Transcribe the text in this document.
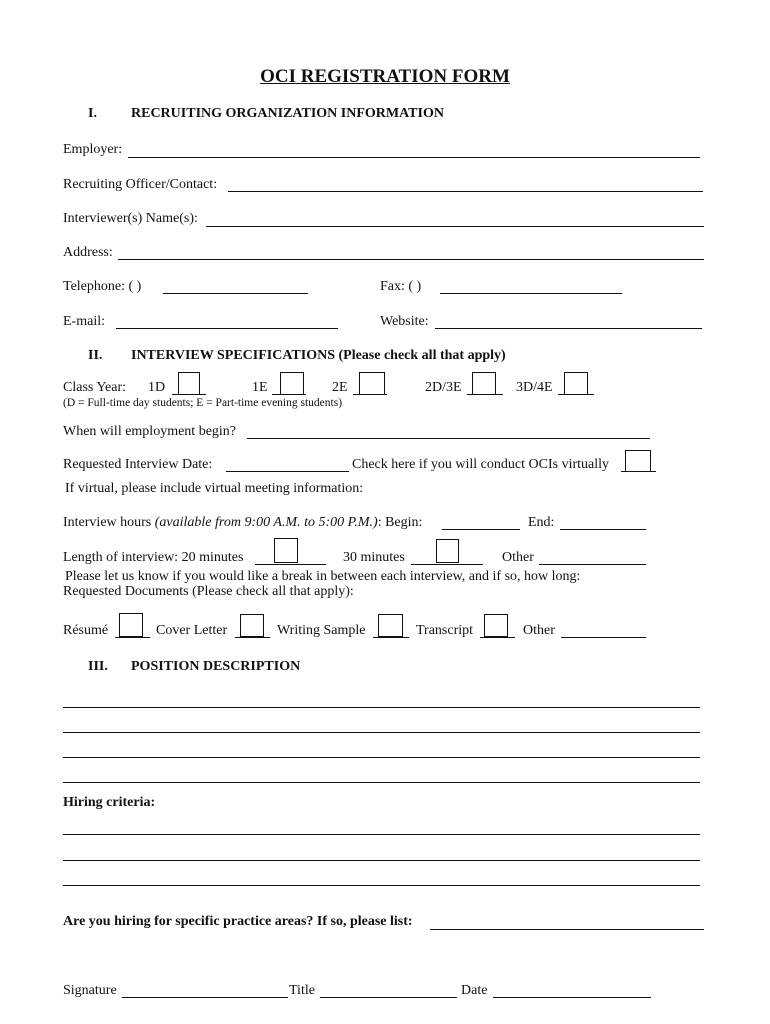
OCI REGISTRATION FORM
I. RECRUITING ORGANIZATION INFORMATION
Employer:
Recruiting Officer/Contact:
Interviewer(s) Name(s):
Address:
Telephone: ( )	Fax: ( )
E-mail:	Website:
II. INTERVIEW SPECIFICATIONS (Please check all that apply)
Class Year: 1D	1E	2E	2D/3E	3D/4E
(D = Full-time day students; E = Part-time evening students)
When will employment begin?
Requested Interview Date:	Check here if you will conduct OCIs virtually
If virtual, please include virtual meeting information:
Interview hours (available from 9:00 A.M. to 5:00 P.M.): Begin:	End:
Length of interview: 20 minutes	30 minutes	Other
Please let us know if you would like a break in between each interview, and if so, how long:
Requested Documents (Please check all that apply):
Résumé	Cover Letter	Writing Sample	Transcript	Other
III. POSITION DESCRIPTION
Hiring criteria:
Are you hiring for specific practice areas? If so, please list:
Signature	Title	Date
